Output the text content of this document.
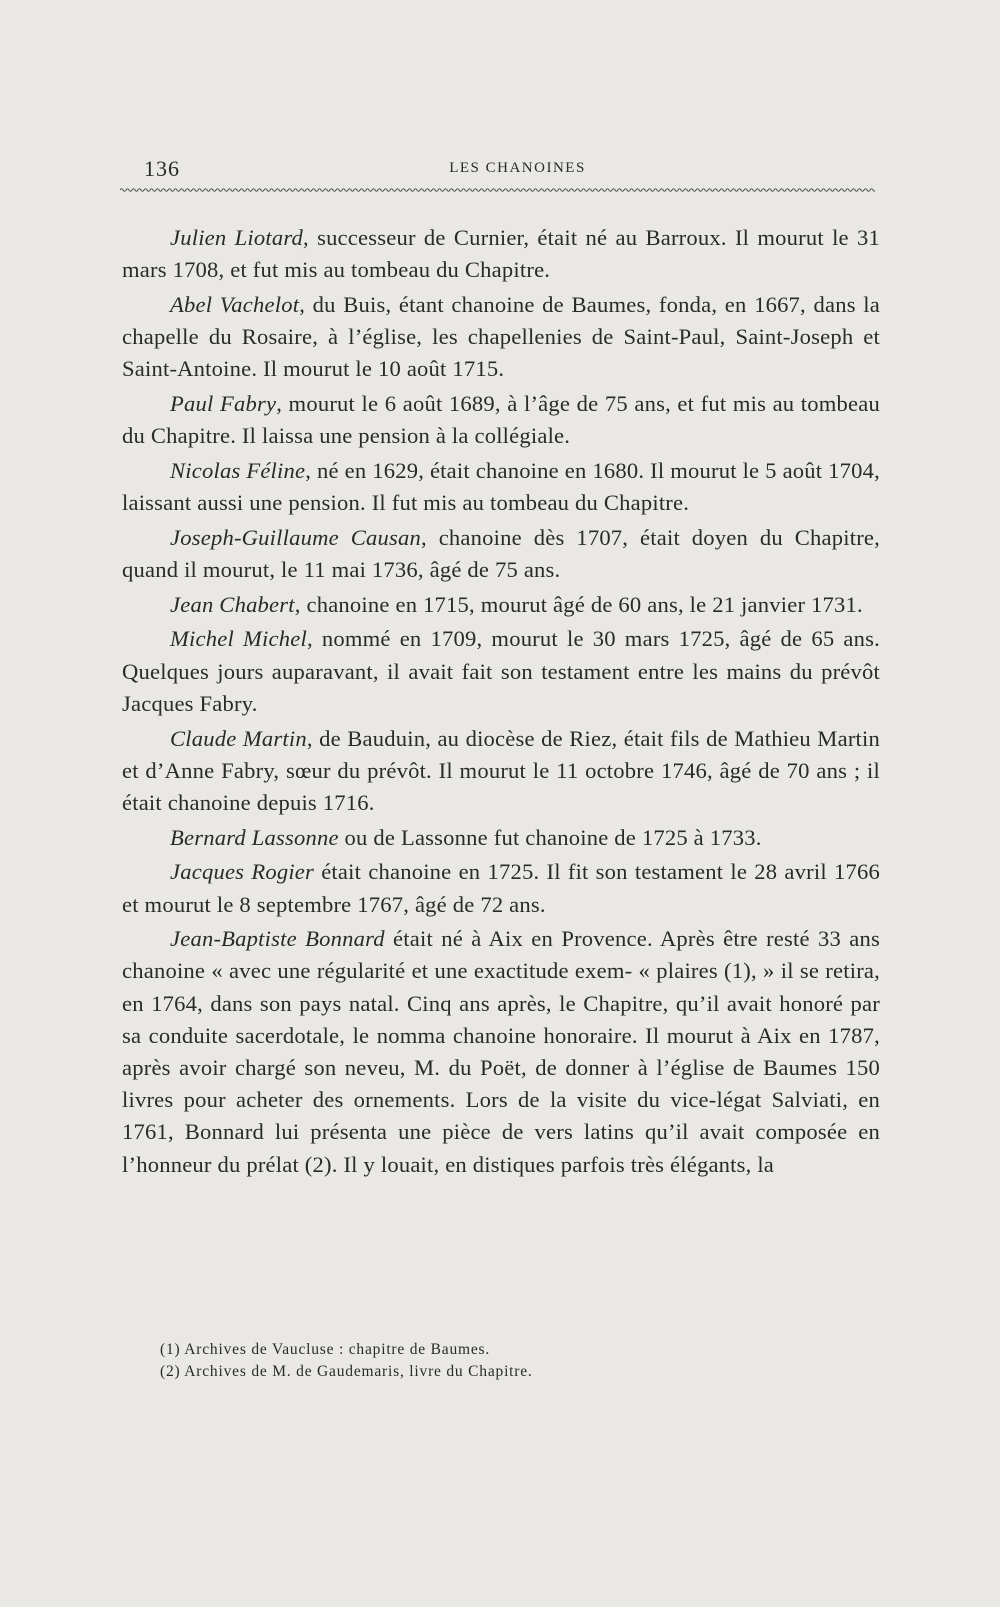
136	LES CHANOINES

Julien Liotard, successeur de Curnier, était né au Barroux. Il mourut le 31 mars 1708, et fut mis au tombeau du Chapitre.

Abel Vachelot, du Buis, étant chanoine de Baumes, fonda, en 1667, dans la chapelle du Rosaire, à l’église, les chapellenies de Saint-Paul, Saint-Joseph et Saint-Antoine. Il mourut le 10 août 1715.

Paul Fabry, mourut le 6 août 1689, à l’âge de 75 ans, et fut mis au tombeau du Chapitre. Il laissa une pension à la collégiale.

Nicolas Féline, né en 1629, était chanoine en 1680. Il mourut le 5 août 1704, laissant aussi une pension. Il fut mis au tombeau du Chapitre.

Joseph-Guillaume Causan, chanoine dès 1707, était doyen du Chapitre, quand il mourut, le 11 mai 1736, âgé de 75 ans.

Jean Chabert, chanoine en 1715, mourut âgé de 60 ans, le 21 janvier 1731.

Michel Michel, nommé en 1709, mourut le 30 mars 1725, âgé de 65 ans. Quelques jours auparavant, il avait fait son testament entre les mains du prévôt Jacques Fabry.

Claude Martin, de Bauduin, au diocèse de Riez, était fils de Mathieu Martin et d’Anne Fabry, sœur du prévôt. Il mourut le 11 octobre 1746, âgé de 70 ans ; il était chanoine depuis 1716.

Bernard Lassonne ou de Lassonne fut chanoine de 1725 à 1733.

Jacques Rogier était chanoine en 1725. Il fit son testament le 28 avril 1766 et mourut le 8 septembre 1767, âgé de 72 ans.

Jean-Baptiste Bonnard était né à Aix en Provence. Après être resté 33 ans chanoine « avec une régularité et une exactitude exem- « plaires (1), » il se retira, en 1764, dans son pays natal. Cinq ans après, le Chapitre, qu’il avait honoré par sa conduite sacerdotale, le nomma chanoine honoraire. Il mourut à Aix en 1787, après avoir chargé son neveu, M. du Poët, de donner à l’église de Baumes 150 livres pour acheter des ornements. Lors de la visite du vice-légat Salviati, en 1761, Bonnard lui présenta une pièce de vers latins qu’il avait composée en l’honneur du prélat (2). Il y louait, en distiques parfois très élégants, la

(1) Archives de Vaucluse : chapitre de Baumes.
(2) Archives de M. de Gaudemaris, livre du Chapitre.
